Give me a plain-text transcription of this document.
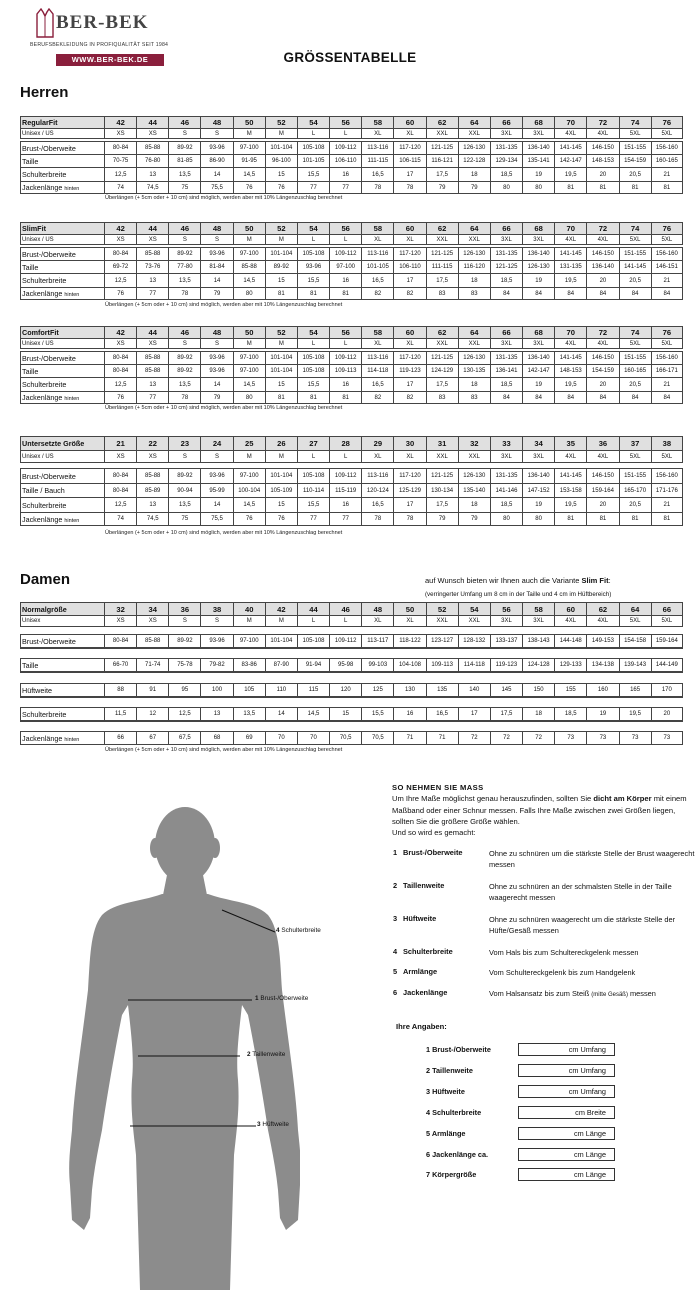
BER-BEK
BERUFSBEKLEIDUNG IN PROFIQUALITÄT SEIT 1984
WWW.BER-BEK.DE	GRÖSSENTABELLE
Herren
RegularFit	42	44	46	48	50	52	54	56	58	60	62	64	66	68	70	72	74	76
Unisex / US	XS	XS	S	S	M	M	L	L	XL	XL	XXL	XXL	3XL	3XL	4XL	4XL	5XL	5XL

Brust-/Oberweite	80-84	85-88	89-92	93-96	97-100	101-104	105-108	109-112	113-116	117-120	121-125	126-130	131-135	136-140	141-145	146-150	151-155	156-160
Taille	70-75	76-80	81-85	86-90	91-95	96-100	101-105	106-110	111-115	106-115	116-121	122-128	129-134	135-141	142-147	148-153	154-159	160-165
Schulterbreite	12,5	13	13,5	14	14,5	15	15,5	16	16,5	17	17,5	18	18,5	19	19,5	20	20,5	21
Jackenlänge hinten	74	74,5	75	75,5	76	76	77	77	78	78	79	79	80	80	81	81	81	81
Überlängen (+ 5cm oder + 10 cm) sind möglich, werden aber mit 10% Längenzuschlag berechnet
SlimFit	42	44	46	48	50	52	54	56	58	60	62	64	66	68	70	72	74	76
Unisex / US	XS	XS	S	S	M	M	L	L	XL	XL	XXL	XXL	3XL	3XL	4XL	4XL	5XL	5XL

Brust-/Oberweite	80-84	85-88	89-92	93-96	97-100	101-104	105-108	109-112	113-116	117-120	121-125	126-130	131-135	136-140	141-145	146-150	151-155	156-160
Taille	69-72	73-76	77-80	81-84	85-88	89-92	93-96	97-100	101-105	106-110	111-115	116-120	121-125	126-130	131-135	136-140	141-145	146-151
Schulterbreite	12,5	13	13,5	14	14,5	15	15,5	16	16,5	17	17,5	18	18,5	19	19,5	20	20,5	21
Jackenlänge hinten	76	77	78	79	80	81	81	81	82	82	83	83	84	84	84	84	84	84
Überlängen (+ 5cm oder + 10 cm) sind möglich, werden aber mit 10% Längenzuschlag berechnet
ComfortFit	42	44	46	48	50	52	54	56	58	60	62	64	66	68	70	72	74	76
Unisex / US	XS	XS	S	S	M	M	L	L	XL	XL	XXL	XXL	3XL	3XL	4XL	4XL	5XL	5XL

Brust-/Oberweite	80-84	85-88	89-92	93-96	97-100	101-104	105-108	109-112	113-116	117-120	121-125	126-130	131-135	136-140	141-145	146-150	151-155	156-160
Taille	80-84	85-88	89-92	93-96	97-100	101-104	105-108	109-113	114-118	119-123	124-129	130-135	136-141	142-147	148-153	154-159	160-165	166-171
Schulterbreite	12,5	13	13,5	14	14,5	15	15,5	16	16,5	17	17,5	18	18,5	19	19,5	20	20,5	21
Jackenlänge hinten	76	77	78	79	80	81	81	81	82	82	83	83	84	84	84	84	84	84
Überlängen (+ 5cm oder + 10 cm) sind möglich, werden aber mit 10% Längenzuschlag berechnet
Untersetzte Größe	21	22	23	24	25	26	27	28	29	30	31	32	33	34	35	36	37	38
Unisex / US	XS	XS	S	S	M	M	L	L	XL	XL	XXL	XXL	3XL	3XL	4XL	4XL	5XL	5XL

Brust-/Oberweite	80-84	85-88	89-92	93-96	97-100	101-104	105-108	109-112	113-116	117-120	121-125	126-130	131-135	136-140	141-145	146-150	151-155	156-160
Taille / Bauch	80-84	85-89	90-94	95-99	100-104	105-109	110-114	115-119	120-124	125-129	130-134	135-140	141-146	147-152	153-158	159-164	165-170	171-176
Schulterbreite	12,5	13	13,5	14	14,5	15	15,5	16	16,5	17	17,5	18	18,5	19	19,5	20	20,5	21
Jackenlänge hinten	74	74,5	75	75,5	76	76	77	77	78	78	79	79	80	80	81	81	81	81
Überlängen (+ 5cm oder + 10 cm) sind möglich, werden aber mit 10% Längenzuschlag berechnet
Damen	auf Wunsch bieten wir Ihnen auch die Variante Slim Fit:
(verringerter Umfang um 8 cm in der Taille und 4 cm im Hüftbereich)
Normalgröße	32	34	36	38	40	42	44	46	48	50	52	54	56	58	60	62	64	66
Unisex	XS	XS	S	S	M	M	L	L	XL	XL	XXL	XXL	3XL	3XL	4XL	4XL	5XL	5XL

Brust-/Oberweite	80-84	85-88	89-92	93-96	97-100	101-104	105-108	109-112	113-117	118-122	123-127	128-132	133-137	138-143	144-148	149-153	154-158	159-164

Taille	66-70	71-74	75-78	79-82	83-86	87-90	91-94	95-98	99-103	104-108	109-113	114-118	119-123	124-128	129-133	134-138	139-143	144-149

Hüftweite	88	91	95	100	105	110	115	120	125	130	135	140	145	150	155	160	165	170

Schulterbreite	11,5	12	12,5	13	13,5	14	14,5	15	15,5	16	16,5	17	17,5	18	18,5	19	19,5	20

Jackenlänge hinten	66	67	67,5	68	69	70	70	70,5	70,5	71	71	72	72	72	73	73	73	73
Überlängen (+ 5cm oder + 10 cm) sind möglich, werden aber mit 10% Längenzuschlag berechnet
4 Schulterbreite
1 Brust-/Oberweite
2 Taillenweite
3 Hüftweite
SO NEHMEN SIE MASS

Um Ihre Maße möglichst genau herauszufinden, sollten Sie dicht am Körper mit einem Maßband oder einer Schnur messen. Falls Ihre Maße zwischen zwei Größen liegen, sollten Sie die größere Größe wählen.

Und so wird es gemacht:

1 Brust-/Oberweite	Ohne zu schnüren um die stärkste Stelle der Brust waagerecht messen
2 Taillenweite	Ohne zu schnüren an der schmalsten Stelle in der Taille waagerecht messen
3 Hüftweite	Ohne zu schnüren waagerecht um die stärkste Stelle der Hüfte/Gesäß messen
4 Schulterbreite	Vom Hals bis zum Schultereckgelenk messen
5 Armlänge	Vom Schultereckgelenk bis zum Handgelenk
6 Jackenlänge	Vom Halsansatz bis zum Steiß (mitte Gesäß) messen
Ihre Angaben:
1 Brust-/Oberweite	cm Umfang
2 Taillenweite	cm Umfang
3 Hüftweite	cm Umfang
4 Schulterbreite	cm Breite
5 Armlänge	cm Länge
6 Jackenlänge ca.	cm Länge
7 Körpergröße	cm Länge
